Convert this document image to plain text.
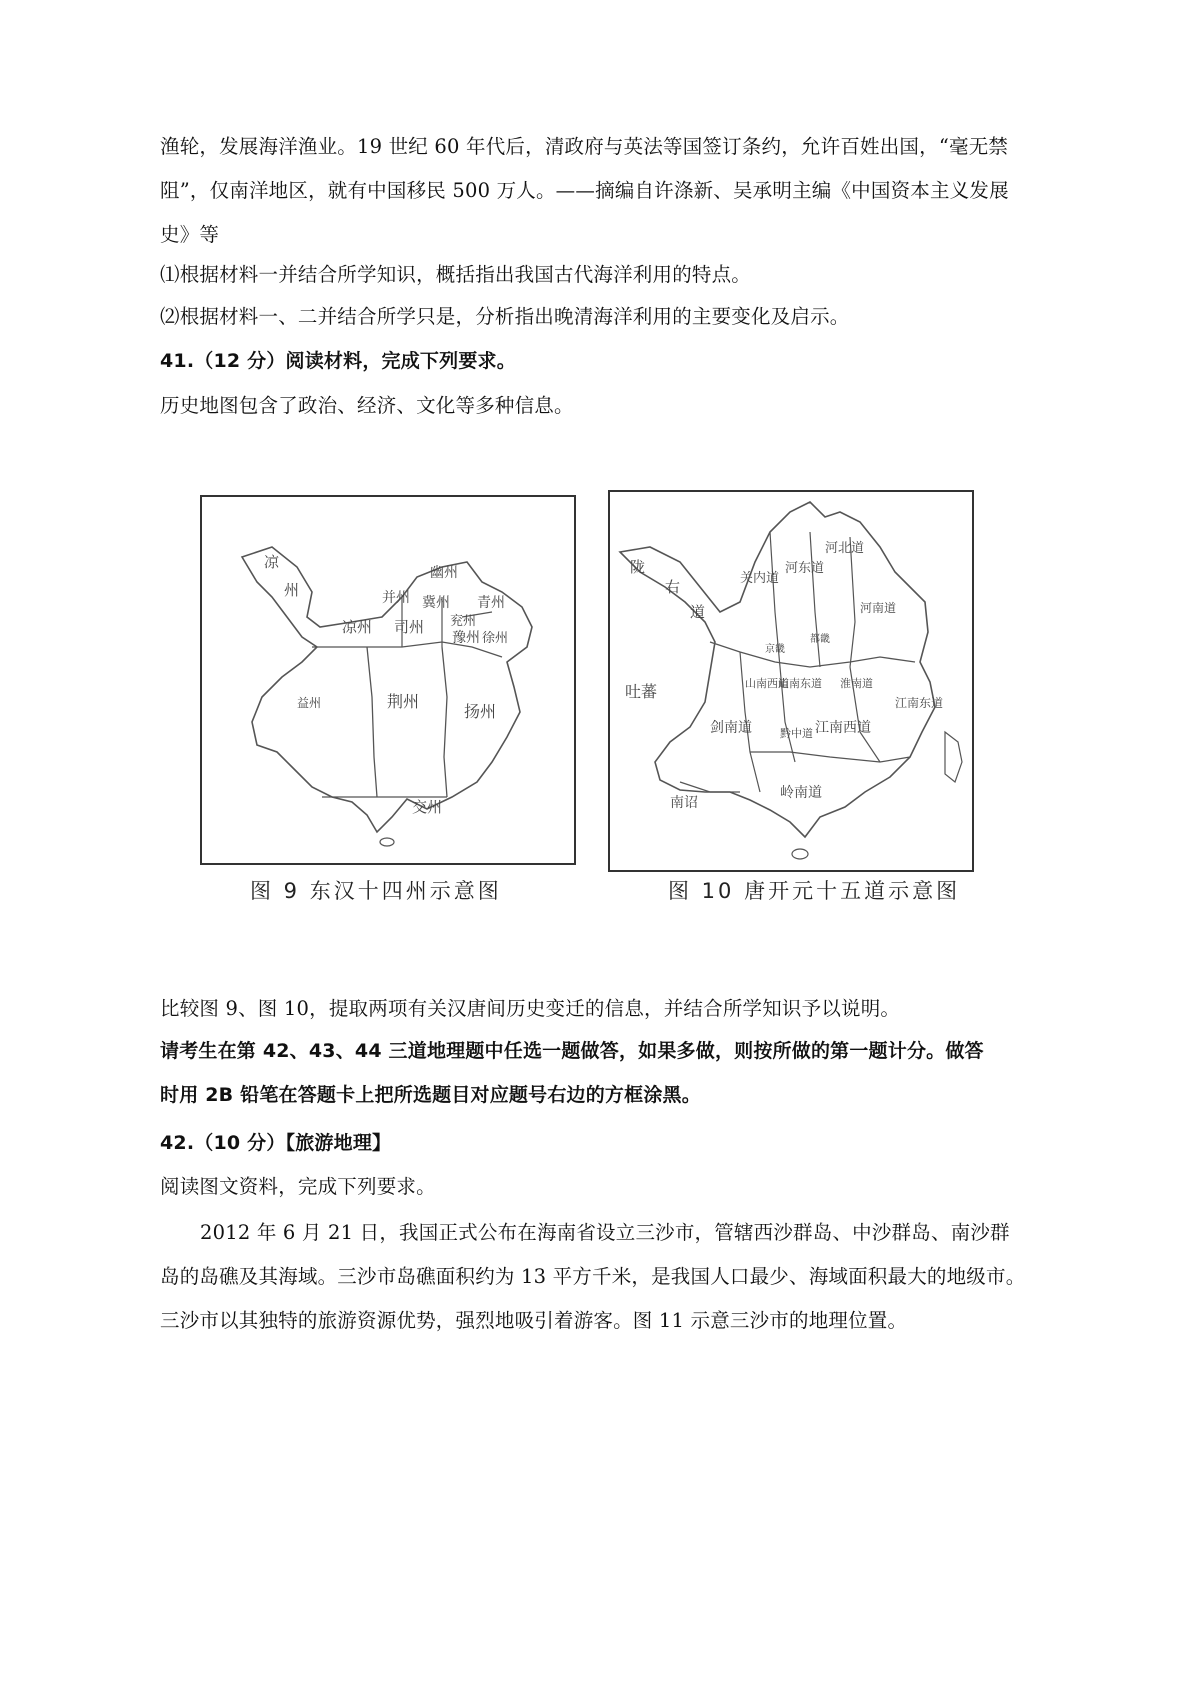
渔轮，发展海洋渔业。19 世纪 60 年代后，清政府与英法等国签订条约，允许百姓出国，“毫无禁
阻”，仅南洋地区，就有中国移民 500 万人。——摘编自许涤新、吴承明主编《中国资本主义发展
史》等
⑴根据材料一并结合所学知识，概括指出我国古代海洋利用的特点。
⑵根据材料一、二并结合所学只是，分析指出晚清海洋利用的主要变化及启示。
41.（12 分）阅读材料，完成下列要求。
历史地图包含了政治、经济、文化等多种信息。
凉
州
幽州
并州 冀州 青州
兖州
徐州
益州
司州
豫州
荆州
扬州
交州
凉州
图 9 东汉十四州示意图
陇
右
道
关内道
河东道
河北道
河南道
吐蕃
剑南道
山南西道
山南东道 淮南道
江南西道
江南东道
黔中道
南诏
岭南道
京畿
都畿
图 10 唐开元十五道示意图
比较图 9、图 10，提取两项有关汉唐间历史变迁的信息，并结合所学知识予以说明。
请考生在第 42、43、44 三道地理题中任选一题做答，如果多做，则按所做的第一题计分。做答
时用 2B 铅笔在答题卡上把所选题目对应题号右边的方框涂黑。
42.（10 分）【旅游地理】
阅读图文资料，完成下列要求。
2012 年 6 月 21 日，我国正式公布在海南省设立三沙市，管辖西沙群岛、中沙群岛、南沙群
岛的岛礁及其海域。三沙市岛礁面积约为 13 平方千米，是我国人口最少、海域面积最大的地级市。
三沙市以其独特的旅游资源优势，强烈地吸引着游客。图 11 示意三沙市的地理位置。
